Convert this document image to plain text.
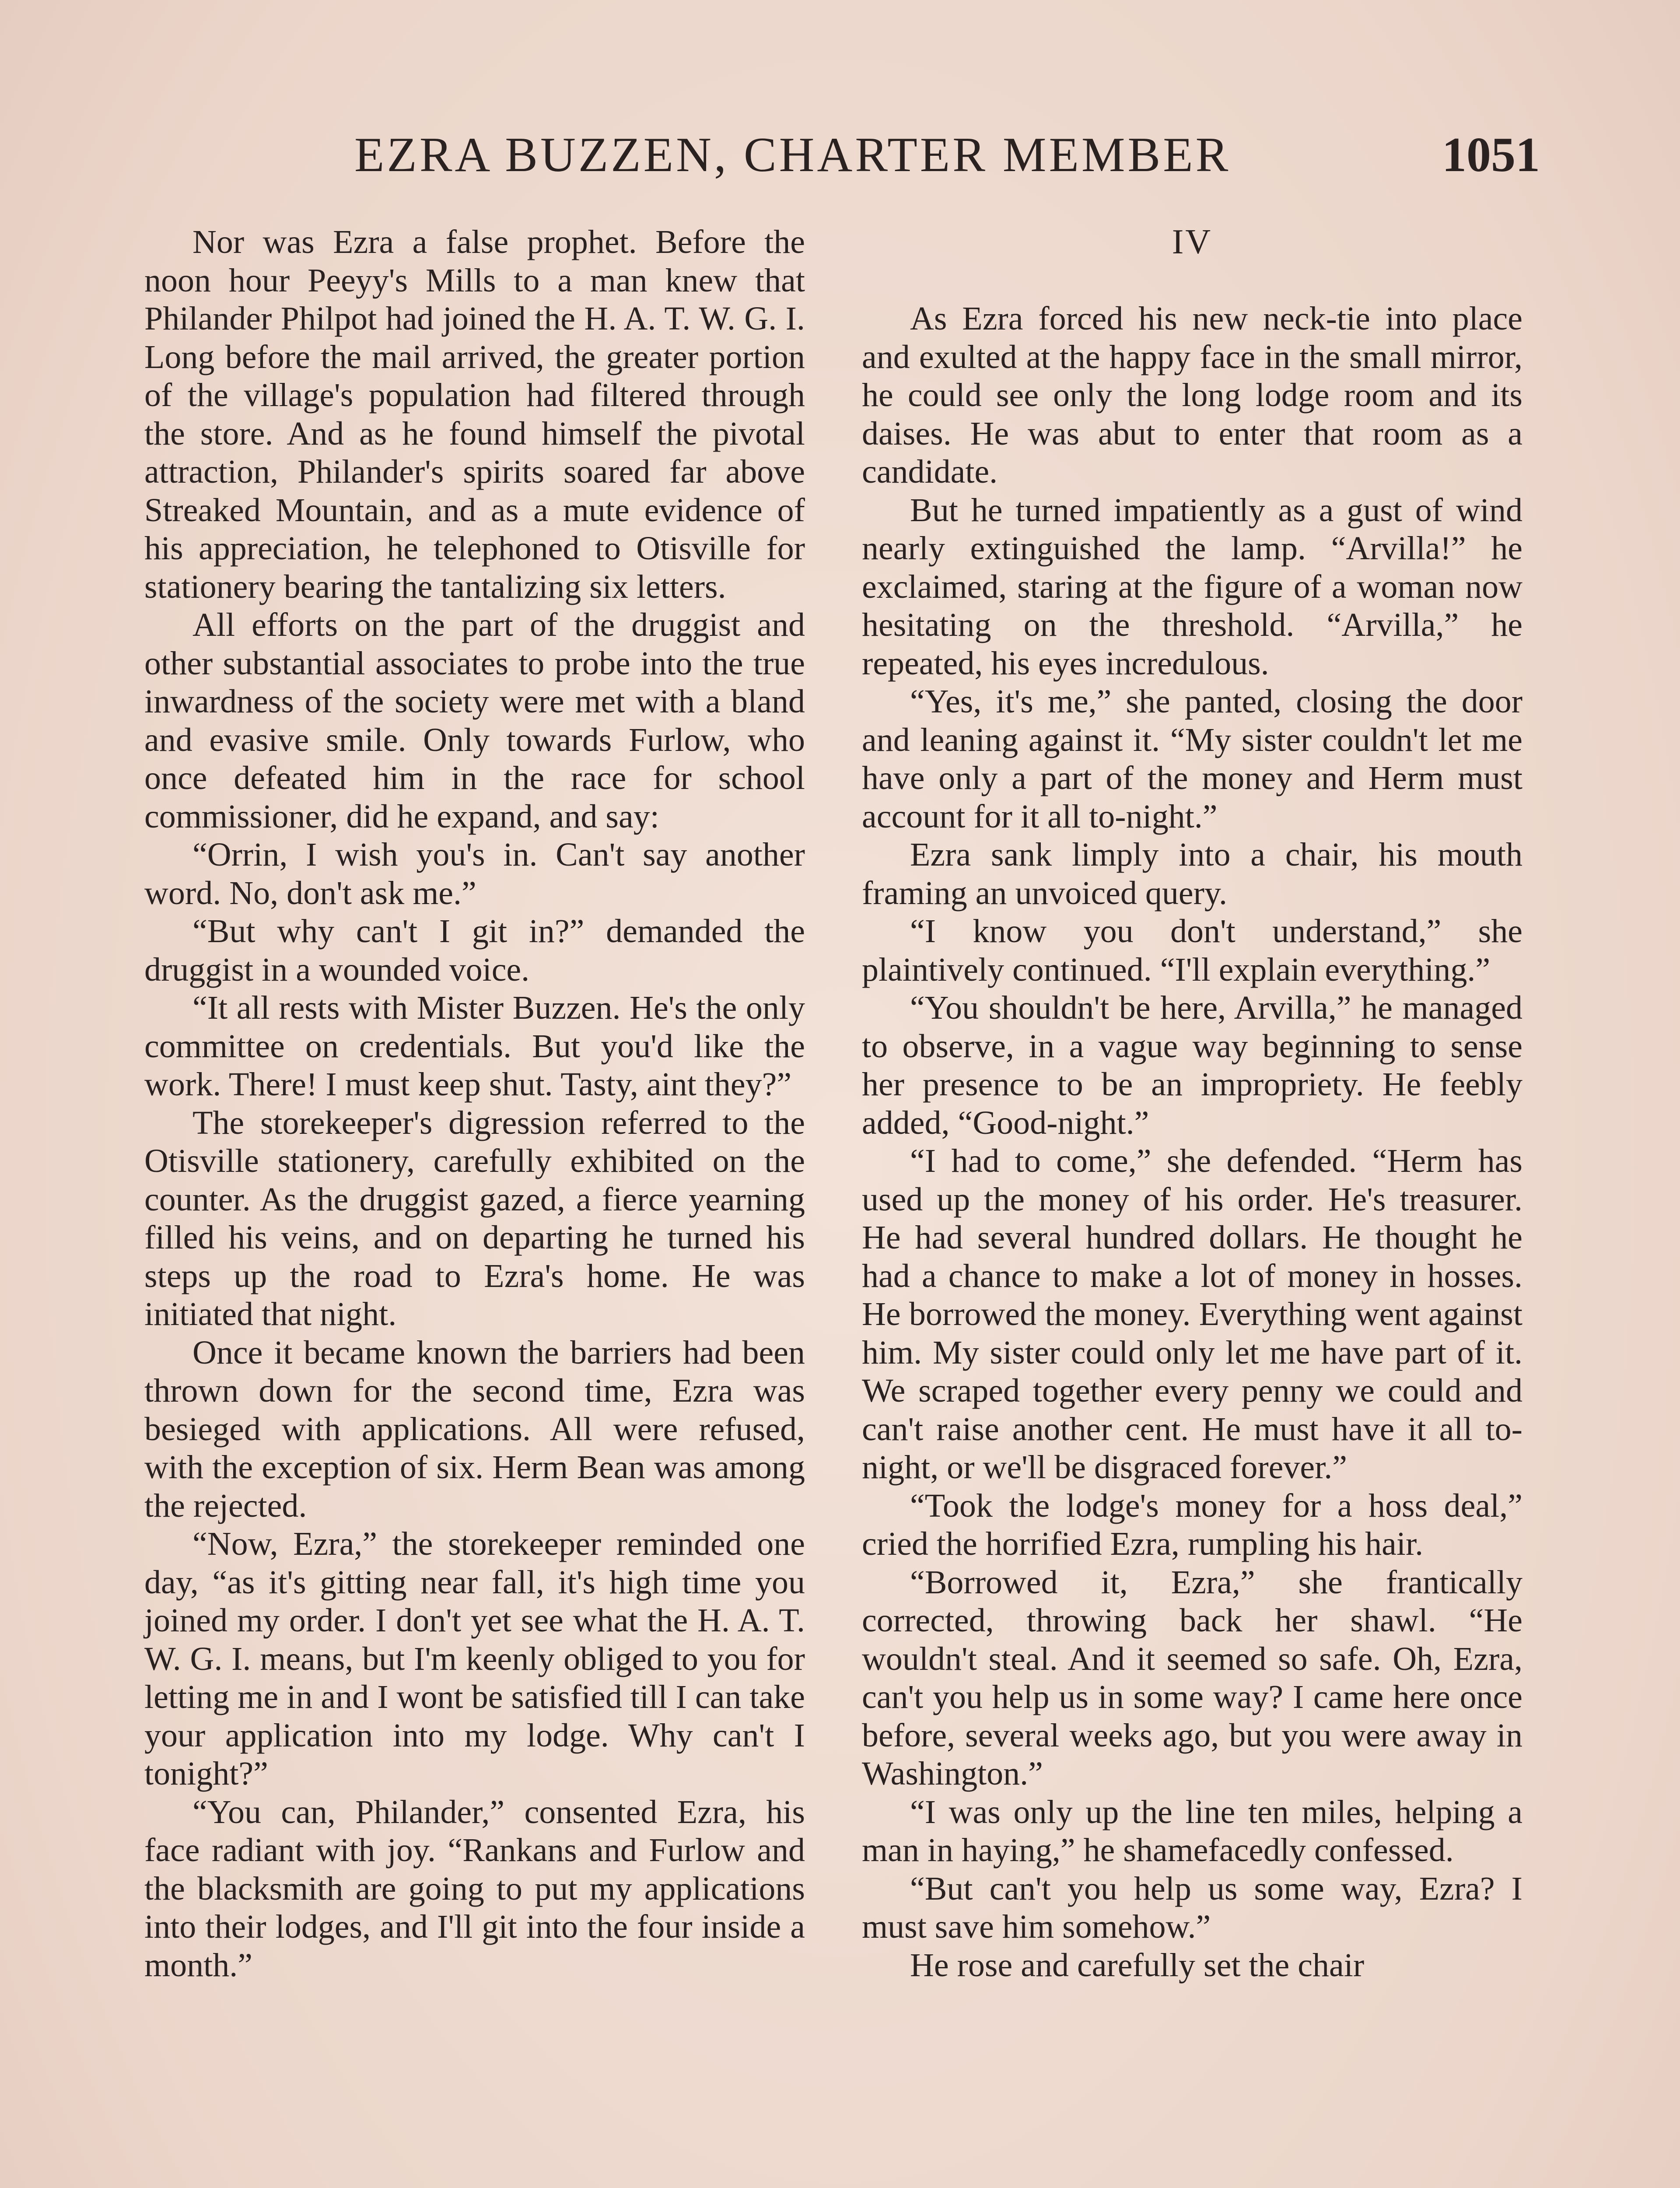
EZRA BUZZEN, CHARTER MEMBER	1051

Nor was Ezra a false prophet. Before the noon hour Peeyy's Mills to a man knew that Philander Philpot had joined the H. A. T. W. G. I. Long before the mail arrived, the greater portion of the village's population had filtered through the store. And as he found himself the pivotal attraction, Philander's spirits soared far above Streaked Mountain, and as a mute evidence of his appreciation, he telephoned to Otisville for stationery bearing the tantalizing six letters.

All efforts on the part of the druggist and other substantial associates to probe into the true inwardness of the society were met with a bland and evasive smile. Only towards Furlow, who once defeated him in the race for school commissioner, did he expand, and say:

“Orrin, I wish you's in. Can't say another word. No, don't ask me.”

“But why can't I git in?” demanded the druggist in a wounded voice.

“It all rests with Mister Buzzen. He's the only committee on credentials. But you'd like the work. There! I must keep shut. Tasty, aint they?”

The storekeeper's digression referred to the Otisville stationery, carefully exhibited on the counter. As the druggist gazed, a fierce yearning filled his veins, and on departing he turned his steps up the road to Ezra's home. He was initiated that night.

Once it became known the barriers had been thrown down for the second time, Ezra was besieged with applications. All were refused, with the exception of six. Herm Bean was among the rejected.

“Now, Ezra,” the storekeeper reminded one day, “as it's gitting near fall, it's high time you joined my order. I don't yet see what the H. A. T. W. G. I. means, but I'm keenly obliged to you for letting me in and I wont be satisfied till I can take your application into my lodge. Why can't I tonight?”

“You can, Philander,” consented Ezra, his face radiant with joy. “Rankans and Furlow and the blacksmith are going to put my applications into their lodges, and I'll git into the four inside a month.”

IV

As Ezra forced his new neck-tie into place and exulted at the happy face in the small mirror, he could see only the long lodge room and its daises. He was abut to enter that room as a candidate.

But he turned impatiently as a gust of wind nearly extinguished the lamp. “Arvilla!” he exclaimed, staring at the figure of a woman now hesitating on the threshold. “Arvilla,” he repeated, his eyes incredulous.

“Yes, it's me,” she panted, closing the door and leaning against it. “My sister couldn't let me have only a part of the money and Herm must account for it all to-night.”

Ezra sank limply into a chair, his mouth framing an unvoiced query.

“I know you don't understand,” she plaintively continued. “I'll explain everything.”

“You shouldn't be here, Arvilla,” he managed to observe, in a vague way beginning to sense her presence to be an impropriety. He feebly added, “Good-night.”

“I had to come,” she defended. “Herm has used up the money of his order. He's treasurer. He had several hundred dollars. He thought he had a chance to make a lot of money in hosses. He borrowed the money. Everything went against him. My sister could only let me have part of it. We scraped together every penny we could and can't raise another cent. He must have it all to-night, or we'll be disgraced forever.”

“Took the lodge's money for a hoss deal,” cried the horrified Ezra, rumpling his hair.

“Borrowed it, Ezra,” she frantically corrected, throwing back her shawl. “He wouldn't steal. And it seemed so safe. Oh, Ezra, can't you help us in some way? I came here once before, several weeks ago, but you were away in Washington.”

“I was only up the line ten miles, helping a man in haying,” he shamefacedly confessed.

“But can't you help us some way, Ezra? I must save him somehow.”

He rose and carefully set the chair
